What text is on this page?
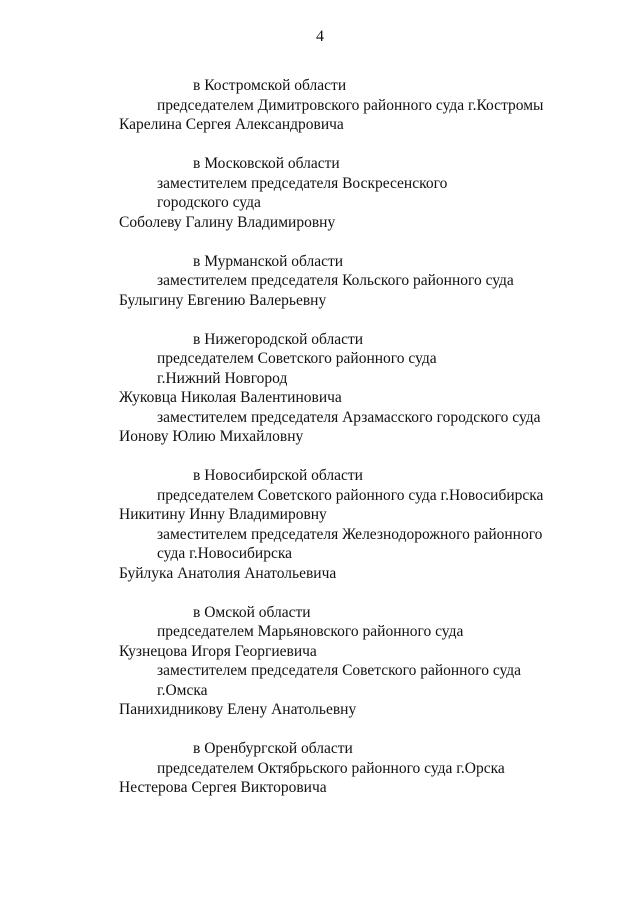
4
в Костромской области
председателем Димитровского районного суда г.Костромы
Карелина Сергея Александровича
в Московской области
заместителем председателя Воскресенского
городского суда
Соболеву Галину Владимировну
в Мурманской области
заместителем председателя Кольского районного суда
Булыгину Евгению Валерьевну
в Нижегородской области
председателем Советского районного суда
г.Нижний Новгород
Жуковца Николая Валентиновича
заместителем председателя Арзамасского городского суда
Ионову Юлию Михайловну
в Новосибирской области
председателем Советского районного суда г.Новосибирска
Никитину Инну Владимировну
заместителем председателя Железнодорожного районного
суда г.Новосибирска
Буйлука Анатолия Анатольевича
в Омской области
председателем Марьяновского районного суда
Кузнецова Игоря Георгиевича
заместителем председателя Советского районного суда
г.Омска
Панихидникову Елену Анатольевну
в Оренбургской области
председателем Октябрьского районного суда г.Орска
Нестерова Сергея Викторовича
